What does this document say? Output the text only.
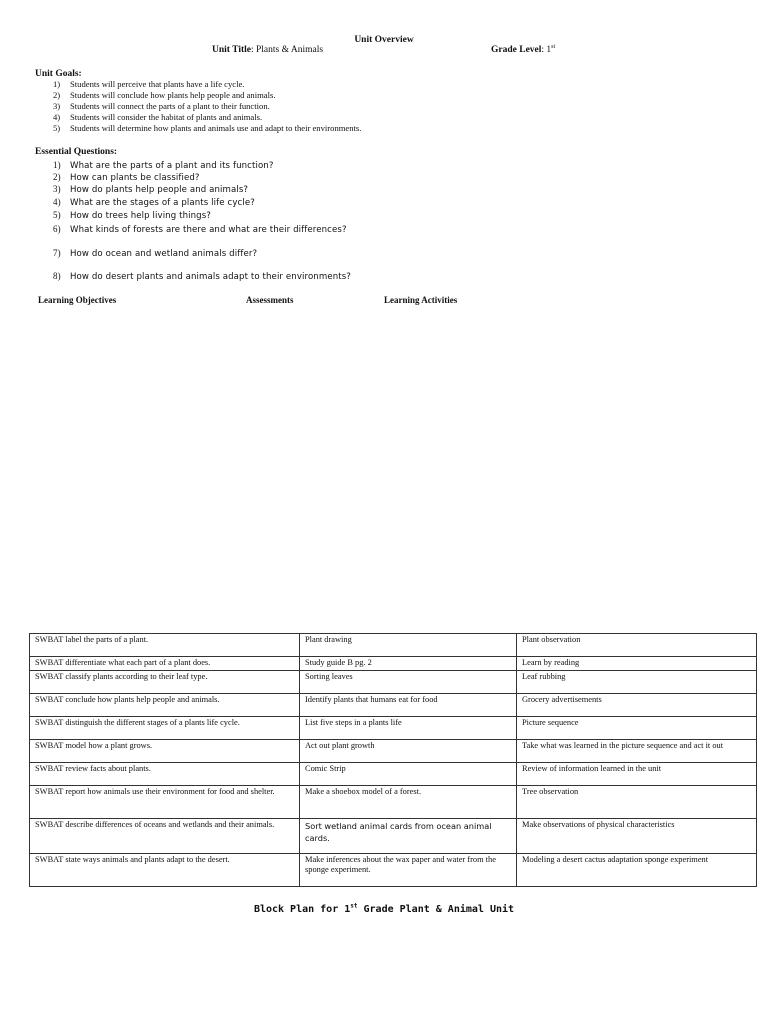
Unit Overview
Unit Title: Plants & Animals	Grade Level: 1st
Unit Goals:
1) Students will perceive that plants have a life cycle.
2) Students will conclude how plants help people and animals.
3) Students will connect the parts of a plant to their function.
4) Students will consider the habitat of plants and animals.
5) Students will determine how plants and animals use and adapt to their environments.
Essential Questions:
1) What are the parts of a plant and its function?
2) How can plants be classified?
3) How do plants help people and animals?
4) What are the stages of a plants life cycle?
5) How do trees help living things?
6) What kinds of forests are there and what are their differences?
7) How do ocean and wetland animals differ?
8) How do desert plants and animals adapt to their environments?
Learning Objectives	Assessments	Learning Activities
SWBAT label the parts of a plant.	Plant drawing	Plant observation
SWBAT differentiate what each part of a plant does.	Study guide B pg. 2	Learn by reading
SWBAT classify plants according to their leaf type.	Sorting leaves	Leaf rubbing
SWBAT conclude how plants help people and animals.	Identify plants that humans eat for food	Grocery advertisements
SWBAT distinguish the different stages of a plants life cycle.	List five steps in a plants life	Picture sequence
SWBAT model how a plant grows.	Act out plant growth	Take what was learned in the picture sequence and act it out
SWBAT review facts about plants.	Comic Strip	Review of information learned in the unit
SWBAT report how animals use their environment for food and shelter.	Make a shoebox model of a forest.	Tree observation
SWBAT describe differences of oceans and wetlands and their animals.	Sort wetland animal cards from ocean animal cards.	Make observations of physical characteristics
SWBAT state ways animals and plants adapt to the desert.	Make inferences about the wax paper and water from the sponge experiment.	Modeling a desert cactus adaptation sponge experiment
Block Plan for 1st Grade Plant & Animal Unit
